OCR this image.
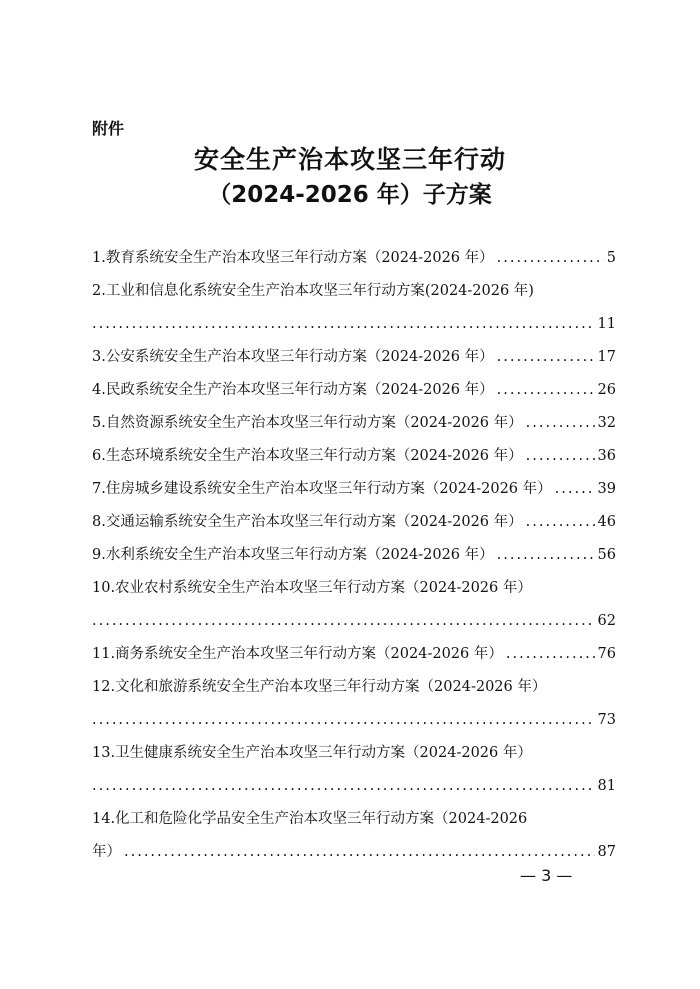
附件
安全生产治本攻坚三年行动
（2024-2026 年）子方案
1.教育系统安全生产治本攻坚三年行动方案（2024-2026 年） .....	5
2.工业和信息化系统安全生产治本攻坚三年行动方案(2024-2026 年)
.....
11
3.公安系统安全生产治本攻坚三年行动方案（2024-2026 年） .....	17
4.民政系统安全生产治本攻坚三年行动方案（2024-2026 年） .....	26
5.自然资源系统安全生产治本攻坚三年行动方案（2024-2026 年） .....	32
6.生态环境系统安全生产治本攻坚三年行动方案（2024-2026 年） .....	36
7.住房城乡建设系统安全生产治本攻坚三年行动方案（2024-2026 年） .....	39
8.交通运输系统安全生产治本攻坚三年行动方案（2024-2026 年） .....	46
9.水利系统安全生产治本攻坚三年行动方案（2024-2026 年） .....	56
10.农业农村系统安全生产治本攻坚三年行动方案（2024-2026 年）
.....
62
11.商务系统安全生产治本攻坚三年行动方案（2024-2026 年） .....	76
12.文化和旅游系统安全生产治本攻坚三年行动方案（2024-2026 年）
.....
73
13.卫生健康系统安全生产治本攻坚三年行动方案（2024-2026 年）
.....
81
14.化工和危险化学品安全生产治本攻坚三年行动方案（2024-2026
年） .....	87
— 3 —
